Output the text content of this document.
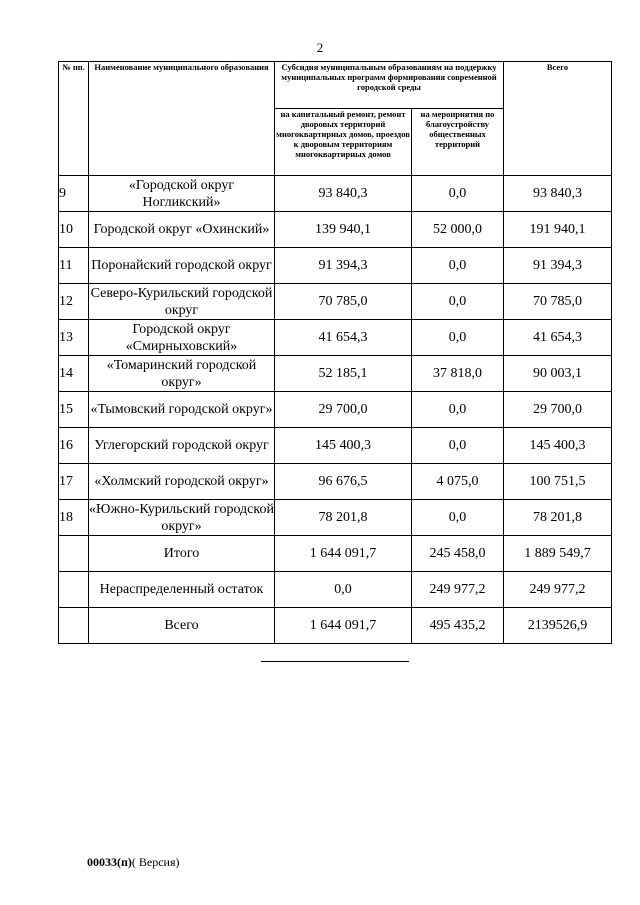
2
№ пп.	Наименование муниципального образования	Субсидия муниципальным образованиям на поддержку муниципальных программ формирования современной городской среды		Всего
		на капитальный ремонт, ремонт дворовых территорий многоквартирных домов, проездов к дворовым территориям многоквартирных домов	на мероприятия по благоустройству общественных территорий	
9	«Городской округ Ногликский»	93 840,3	0,0	93 840,3
10	Городской округ «Охинский»	139 940,1	52 000,0	191 940,1
11	Поронайский городской округ	91 394,3	0,0	91 394,3
12	Северо-Курильский городской округ	70 785,0	0,0	70 785,0
13	Городской округ «Смирныховский»	41 654,3	0,0	41 654,3
14	«Томаринский городской округ»	52 185,1	37 818,0	90 003,1
15	«Тымовский городской округ»	29 700,0	0,0	29 700,0
16	Углегорский городской округ	145 400,3	0,0	145 400,3
17	«Холмский городской округ»	96 676,5	4 075,0	100 751,5
18	«Южно-Курильский городской округ»	78 201,8	0,0	78 201,8
	Итого	1 644 091,7	245 458,0	1 889 549,7
	Нераспределенный остаток	0,0	249 977,2	249 977,2
	Всего	1 644 091,7	495 435,2	2139526,9
00033(п)( Версия)
